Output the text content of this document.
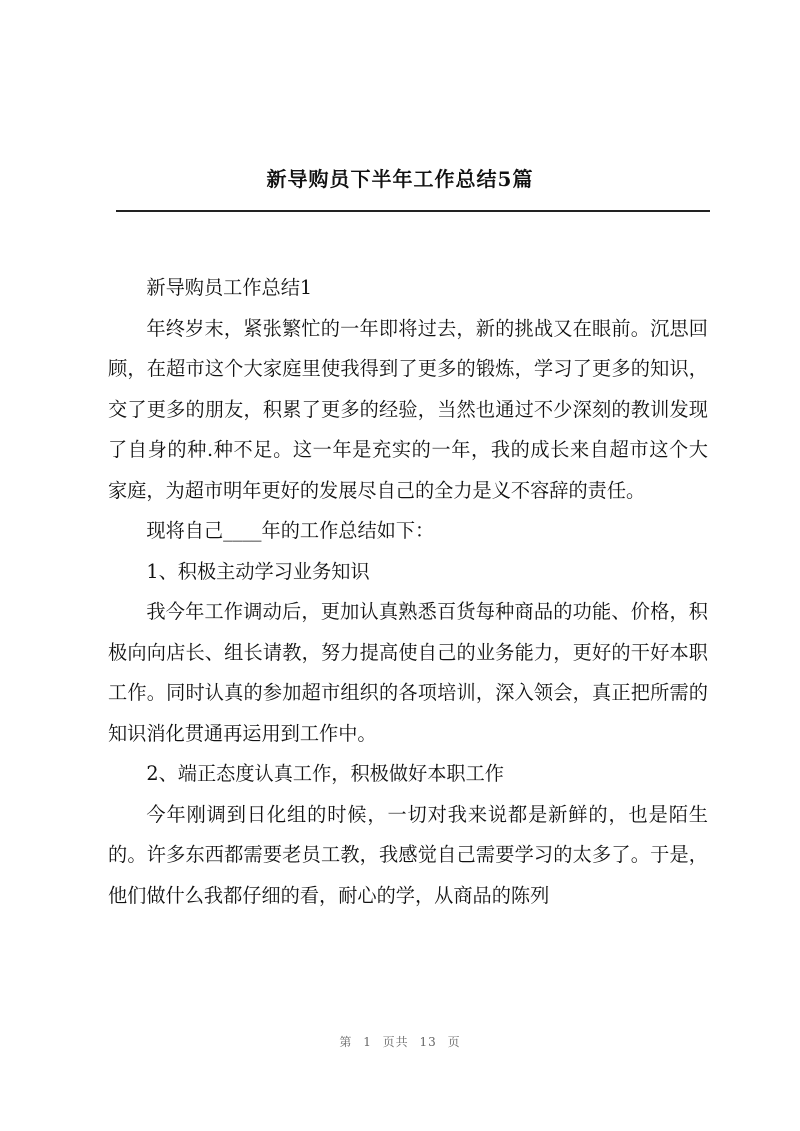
新导购员下半年工作总结5篇

新导购员工作总结1

年终岁末，紧张繁忙的一年即将过去，新的挑战又在眼前。沉思回顾，在超市这个大家庭里使我得到了更多的锻炼，学习了更多的知识，交了更多的朋友，积累了更多的经验，当然也通过不少深刻的教训发现了自身的种.种不足。这一年是充实的一年，我的成长来自超市这个大家庭，为超市明年更好的发展尽自己的全力是义不容辞的责任。

现将自己____年的工作总结如下：

1、积极主动学习业务知识

我今年工作调动后，更加认真熟悉百货每种商品的功能、价格，积极向向店长、组长请教，努力提高使自己的业务能力，更好的干好本职工作。同时认真的参加超市组织的各项培训，深入领会，真正把所需的知识消化贯通再运用到工作中。

2、端正态度认真工作，积极做好本职工作

今年刚调到日化组的时候，一切对我来说都是新鲜的，也是陌生的。许多东西都需要老员工教，我感觉自己需要学习的太多了。于是，他们做什么我都仔细的看，耐心的学，从商品的陈列

第 1 页共 13 页
